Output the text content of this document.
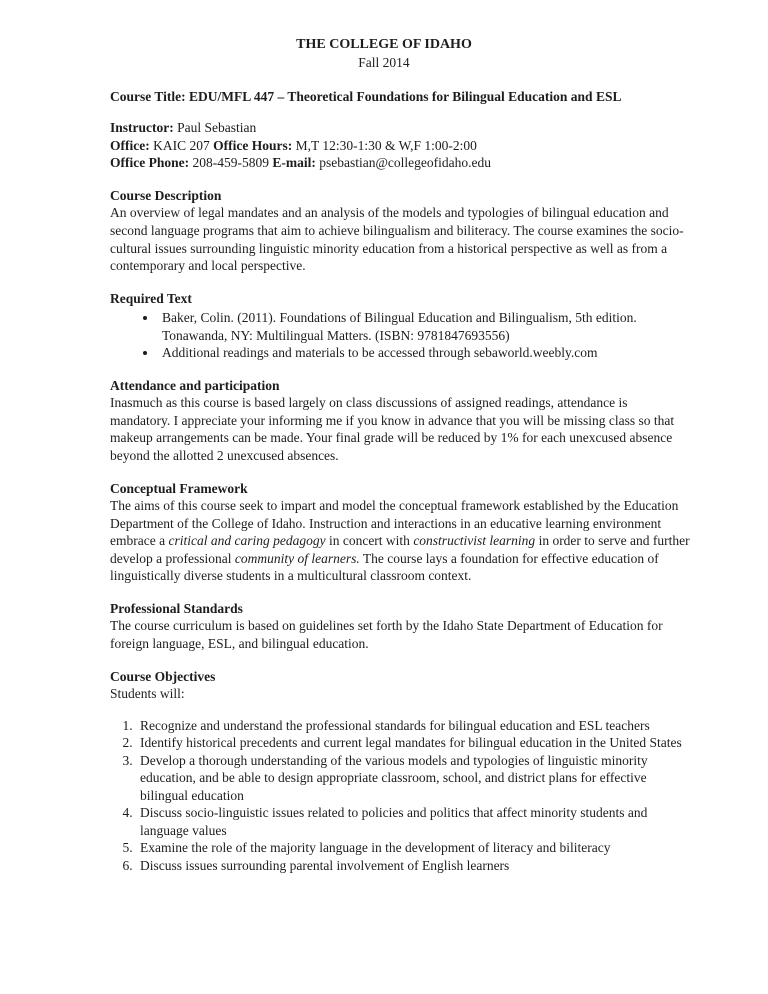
THE COLLEGE OF IDAHO
Fall 2014

Course Title: EDU/MFL 447 – Theoretical Foundations for Bilingual Education and ESL

Instructor: Paul Sebastian

Office: KAIC 207 Office Hours: M,T 12:30-1:30 & W,F 1:00-2:00

Office Phone: 208-459-5809 E-mail: psebastian@collegeofidaho.edu

Course Description

An overview of legal mandates and an analysis of the models and typologies of bilingual education and second language programs that aim to achieve bilingualism and biliteracy. The course examines the socio-cultural issues surrounding linguistic minority education from a historical perspective as well as from a contemporary and local perspective.

Required Text

• Baker, Colin. (2011). Foundations of Bilingual Education and Bilingualism, 5th edition. Tonawanda, NY: Multilingual Matters. (ISBN: 9781847693556)
• Additional readings and materials to be accessed through sebaworld.weebly.com

Attendance and participation

Inasmuch as this course is based largely on class discussions of assigned readings, attendance is mandatory. I appreciate your informing me if you know in advance that you will be missing class so that makeup arrangements can be made. Your final grade will be reduced by 1% for each unexcused absence beyond the allotted 2 unexcused absences.

Conceptual Framework

The aims of this course seek to impart and model the conceptual framework established by the Education Department of the College of Idaho. Instruction and interactions in an educative learning environment embrace a critical and caring pedagogy in concert with constructivist learning in order to serve and further develop a professional community of learners. The course lays a foundation for effective education of linguistically diverse students in a multicultural classroom context.

Professional Standards

The course curriculum is based on guidelines set forth by the Idaho State Department of Education for foreign language, ESL, and bilingual education.

Course Objectives

Students will:

1. Recognize and understand the professional standards for bilingual education and ESL teachers
2. Identify historical precedents and current legal mandates for bilingual education in the United States
3. Develop a thorough understanding of the various models and typologies of linguistic minority education, and be able to design appropriate classroom, school, and district plans for effective bilingual education
4. Discuss socio-linguistic issues related to policies and politics that affect minority students and language values
5. Examine the role of the majority language in the development of literacy and biliteracy
6. Discuss issues surrounding parental involvement of English learners
